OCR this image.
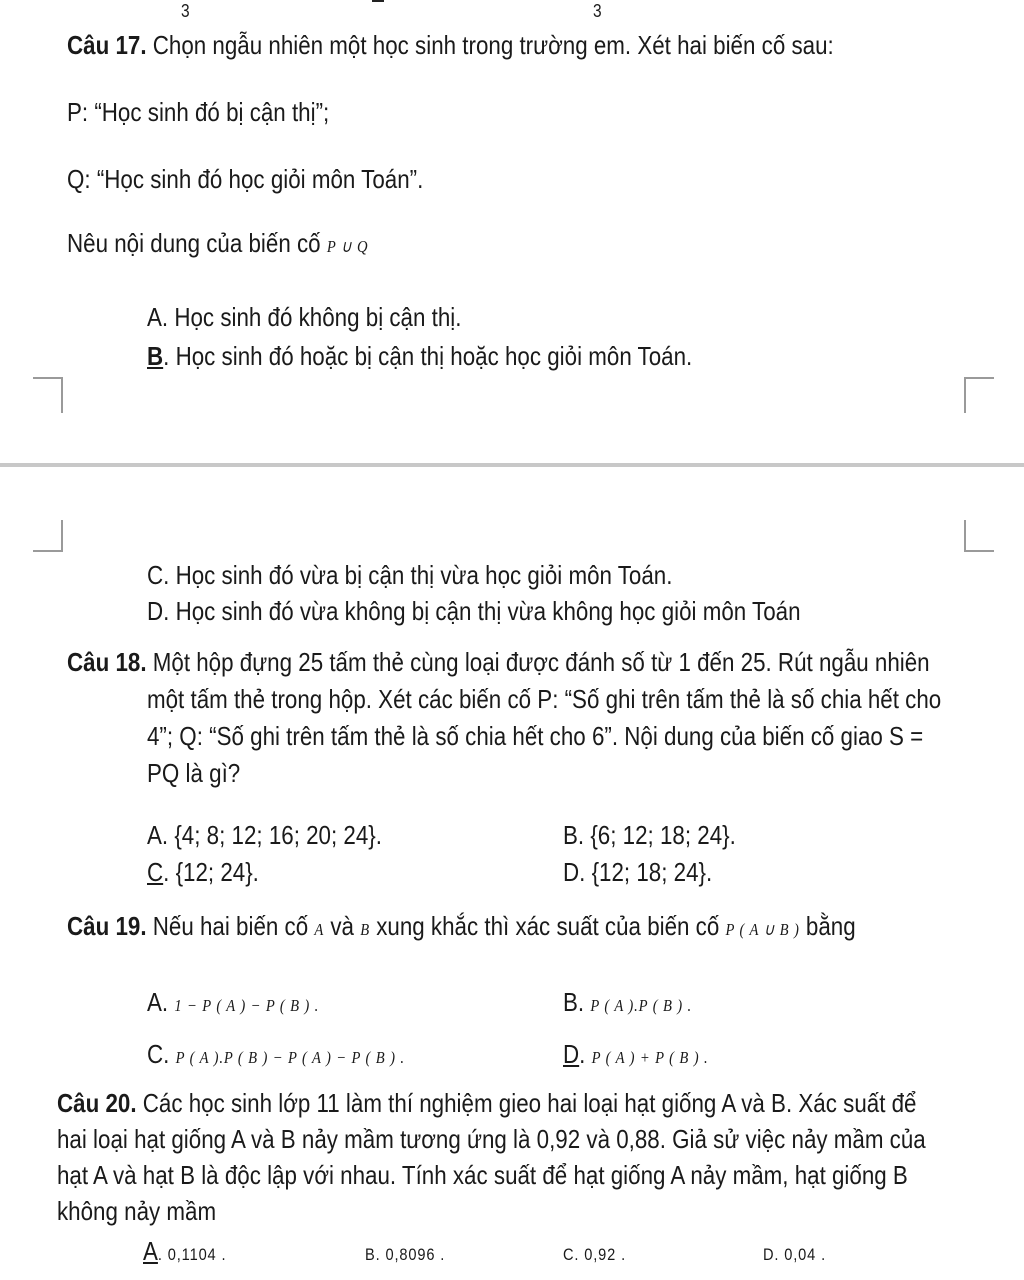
3	3
Câu 17. Chọn ngẫu nhiên một học sinh trong trường em. Xét hai biến cố sau:
P: “Học sinh đó bị cận thị”;
Q: “Học sinh đó học giỏi môn Toán”.
Nêu nội dung của biến cố P ∪ Q
A. Học sinh đó không bị cận thị.
B. Học sinh đó hoặc bị cận thị hoặc học giỏi môn Toán.
C. Học sinh đó vừa bị cận thị vừa học giỏi môn Toán.
D. Học sinh đó vừa không bị cận thị vừa không học giỏi môn Toán
Câu 18. Một hộp đựng 25 tấm thẻ cùng loại được đánh số từ 1 đến 25. Rút ngẫu nhiên
một tấm thẻ trong hộp. Xét các biến cố P: “Số ghi trên tấm thẻ là số chia hết cho
4”; Q: “Số ghi trên tấm thẻ là số chia hết cho 6”. Nội dung của biến cố giao S =
PQ là gì?
A. {4; 8; 12; 16; 20; 24}.	B. {6; 12; 18; 24}.
C. {12; 24}.	D. {12; 18; 24}.
Câu 19. Nếu hai biến cố A và B xung khắc thì xác suất của biến cố P ( A ∪ B ) bằng
A. 1 − P ( A ) − P ( B ) .	B. P ( A ).P ( B ) .
C. P ( A ).P ( B ) − P ( A ) − P ( B ) .	D. P ( A ) + P ( B ) .
Câu 20. Các học sinh lớp 11 làm thí nghiệm gieo hai loại hạt giống A và B. Xác suất để
hai loại hạt giống A và B nảy mầm tương ứng là 0,92 và 0,88. Giả sử việc nảy mầm của
hạt A và hạt B là độc lập với nhau. Tính xác suất để hạt giống A nảy mầm, hạt giống B
không nảy mầm
A. 0,1104 .	B. 0,8096 .	C. 0,92 .	D. 0,04 .
